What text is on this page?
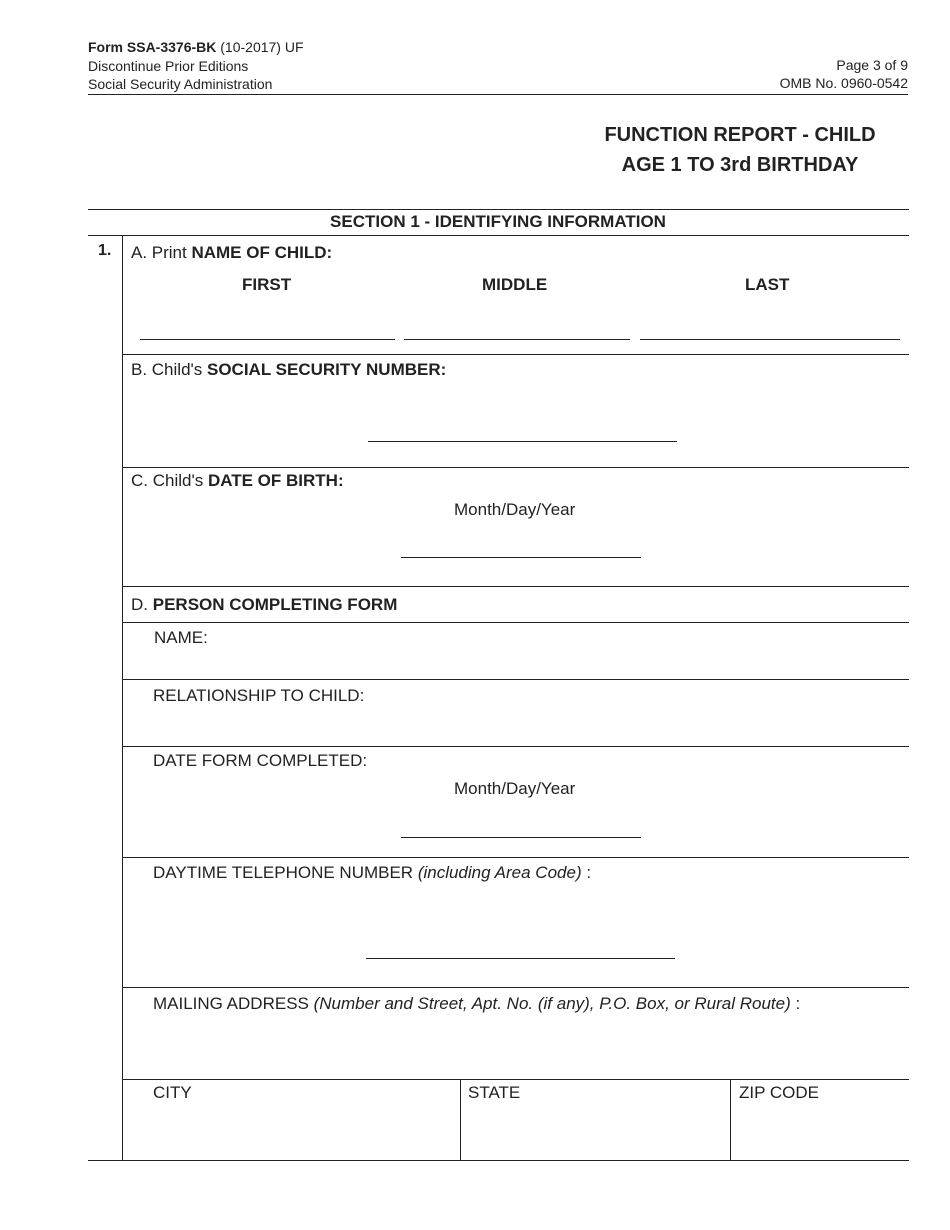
Form SSA-3376-BK (10-2017) UF
Discontinue Prior Editions
Social Security Administration
Page 3 of 9
OMB No. 0960-0542
FUNCTION REPORT - CHILD
AGE 1 TO 3rd BIRTHDAY
SECTION 1 - IDENTIFYING INFORMATION
1. A. Print NAME OF CHILD:
FIRST	MIDDLE	LAST
B. Child's SOCIAL SECURITY NUMBER:
C. Child's DATE OF BIRTH:
Month/Day/Year
D. PERSON COMPLETING FORM
NAME:
RELATIONSHIP TO CHILD:
DATE FORM COMPLETED:
Month/Day/Year
DAYTIME TELEPHONE NUMBER (including Area Code) :
MAILING ADDRESS (Number and Street, Apt. No. (if any), P.O. Box, or Rural Route) :
CITY	STATE	ZIP CODE
